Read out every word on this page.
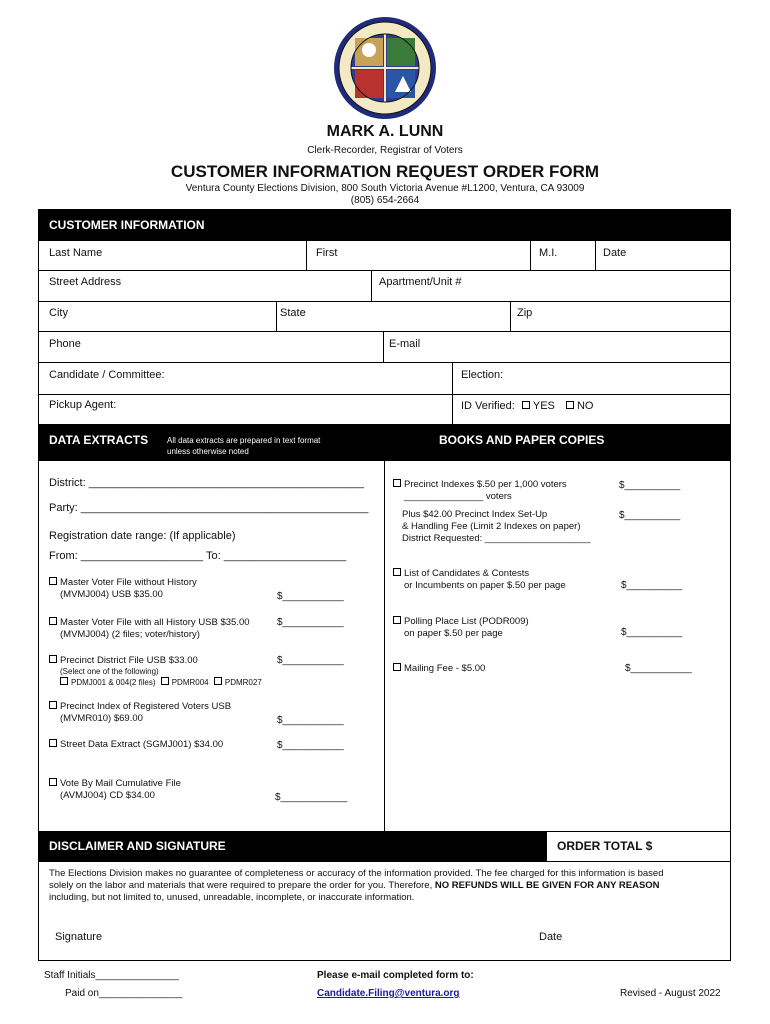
MARK A. LUNN
Clerk-Recorder, Registrar of Voters
CUSTOMER INFORMATION REQUEST ORDER FORM
Ventura County Elections Division, 800 South Victoria Avenue #L1200, Ventura, CA 93009
(805) 654-2664
CUSTOMER INFORMATION
Last Name	First	M.I.	Date
Street Address	Apartment/Unit #
City	State	Zip
Phone	E-mail
Candidate / Committee:	Election:
Pickup Agent:	ID Verified: YES NO
DATA EXTRACTS All data extracts are prepared in text format
unless otherwise noted
BOOKS AND PAPER COPIES
District: _____________________________________________
Party: _______________________________________________
Registration date range: (If applicable)
From: ____________________ To: ____________________
Master Voter File without History
(MVMJ004) USB $35.00	$___________
Master Voter File with all History USB $35.00
(MVMJ004) (2 files; voter/history)
$___________
Precinct District File USB $33.00
(Select one of the following)
PDMJ001 & 004(2 files) PDMR004 PDMR027
$___________
Precinct Index of Registered Voters USB
(MVMR010) $69.00	$___________
Street Data Extract (SGMJ001) $34.00	$___________
Vote By Mail Cumulative File
(AVMJ004) CD $34.00	$____________
Precinct Indexes $.50 per 1,000 voters
_______________ voters
$__________
Plus $42.00 Precinct Index Set-Up
& Handling Fee (Limit 2 Indexes on paper)
District Requested: ____________________
$__________
List of Candidates & Contests
or Incumbents on paper $.50 per page	$__________
Polling Place List (PODR009)
on paper $.50 per page	$__________
Mailing Fee - $5.00	$___________
DISCLAIMER AND SIGNATURE	ORDER TOTAL $
The Elections Division makes no guarantee of completeness or accuracy of the information provided. The fee charged for this information is based
solely on the labor and materials that were required to prepare the order for you. Therefore, NO REFUNDS WILL BE GIVEN FOR ANY REASON
including, but not limited to, unused, unreadable, incomplete, or inaccurate information.
Signature	Date
Staff Initials_______________
Paid on_______________
Please e-mail completed form to:
Candidate.Filing@ventura.org	Revised - August 2022
